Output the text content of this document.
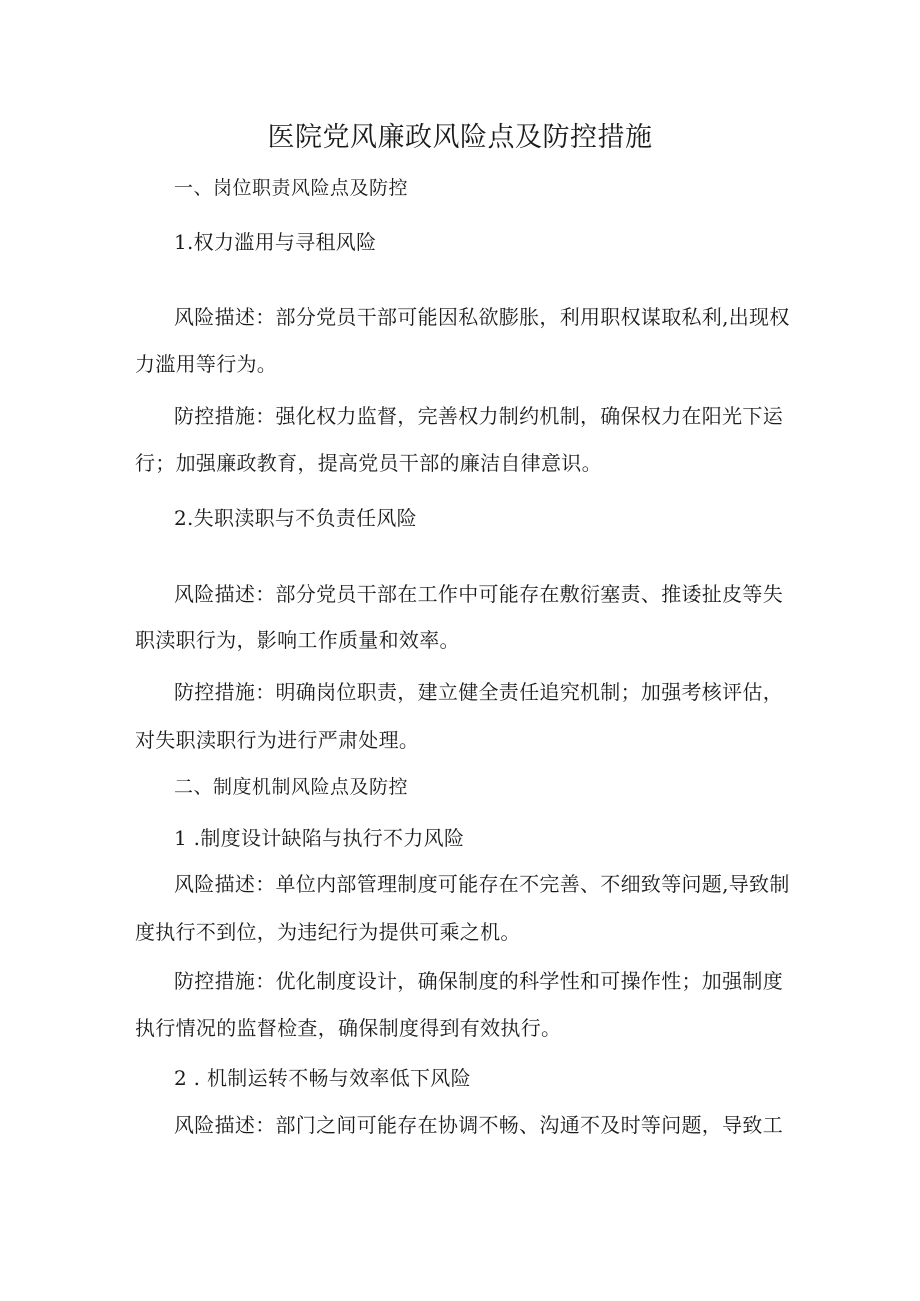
医院党风廉政风险点及防控措施
一、岗位职责风险点及防控
1.权力滥用与寻租风险
风险描述：部分党员干部可能因私欲膨胀，利用职权谋取私利,出现权
力滥用等行为。
防控措施：强化权力监督，完善权力制约机制，确保权力在阳光下运
行；加强廉政教育，提高党员干部的廉洁自律意识。
2.失职渎职与不负责任风险
风险描述：部分党员干部在工作中可能存在敷衍塞责、推诿扯皮等失
职渎职行为，影响工作质量和效率。
防控措施：明确岗位职责，建立健全责任追究机制；加强考核评估，
对失职渎职行为进行严肃处理。
二、制度机制风险点及防控
1 .制度设计缺陷与执行不力风险
风险描述：单位内部管理制度可能存在不完善、不细致等问题,导致制
度执行不到位，为违纪行为提供可乘之机。
防控措施：优化制度设计，确保制度的科学性和可操作性；加强制度
执行情况的监督检查，确保制度得到有效执行。
2 . 机制运转不畅与效率低下风险
风险描述：部门之间可能存在协调不畅、沟通不及时等问题，导致工
